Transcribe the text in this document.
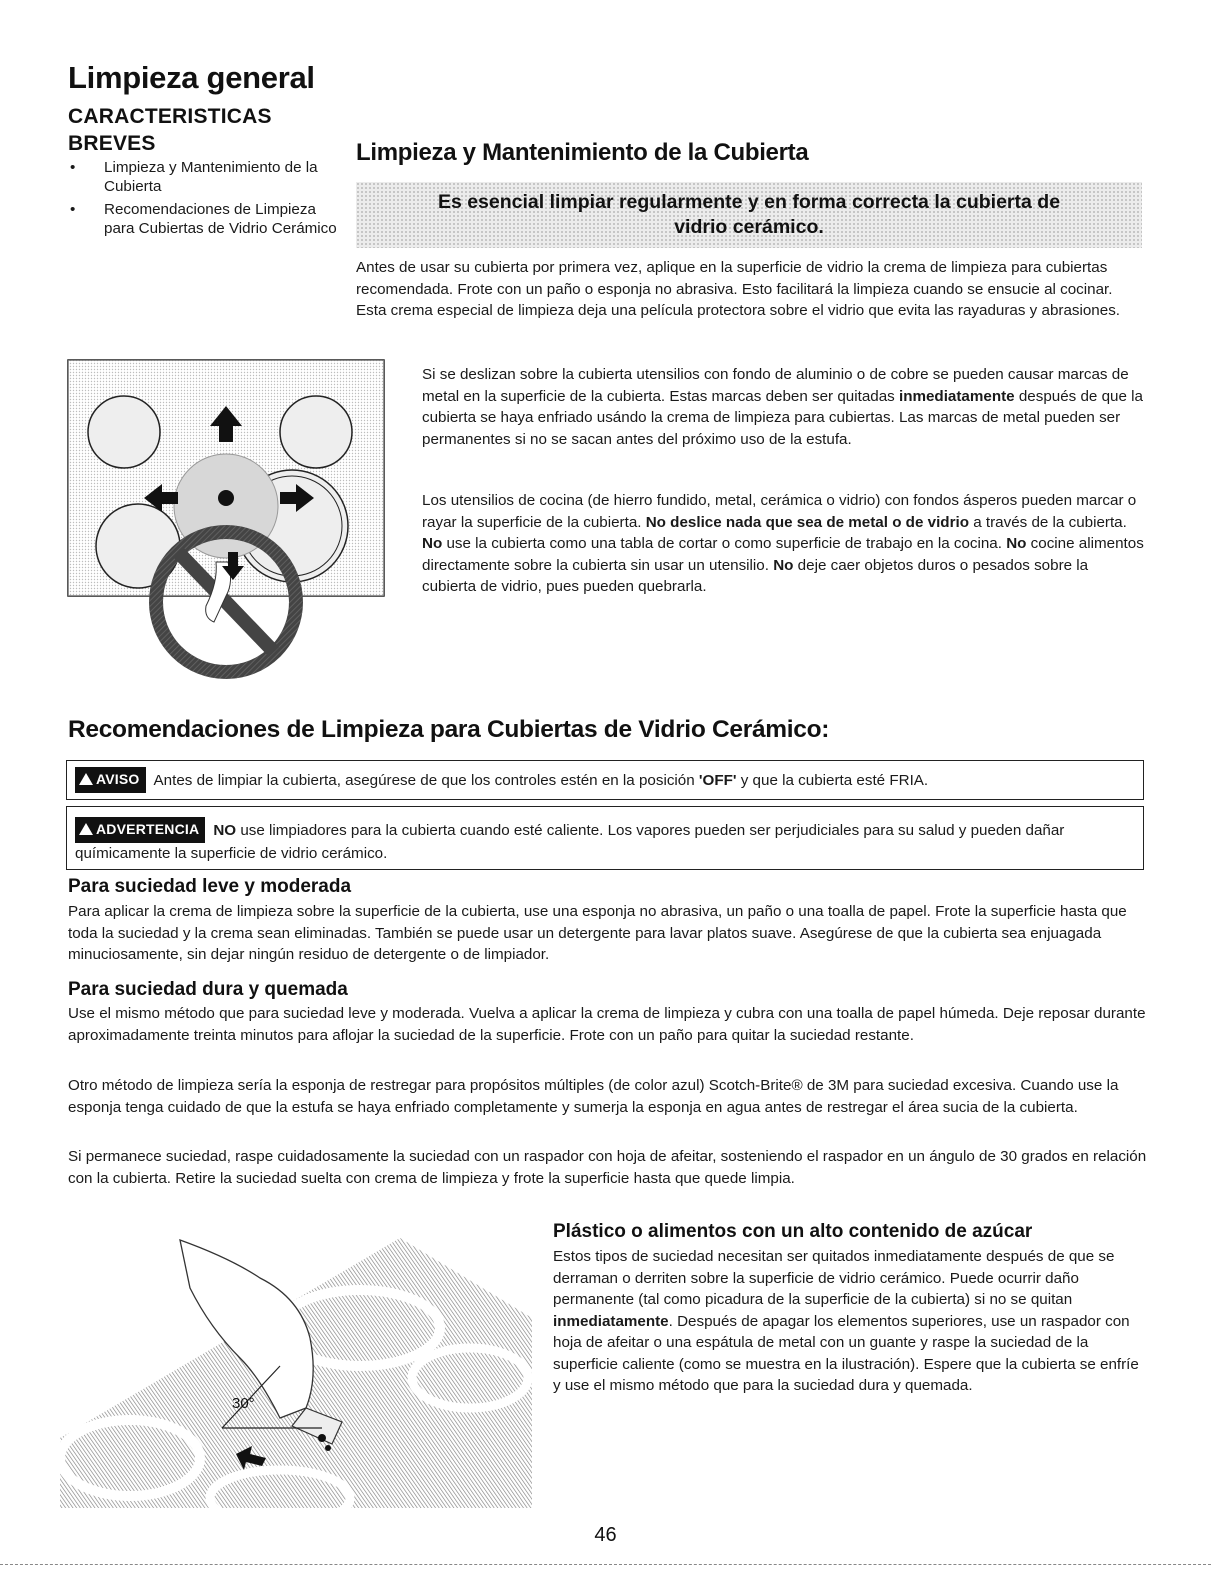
Limpieza general
CARACTERISTICAS
BREVES
• Limpieza y Mantenimiento de la Cubierta
• Recomendaciones de Limpieza para Cubiertas de Vidrio Cerámico
Limpieza y Mantenimiento de la Cubierta
Es esencial limpiar regularmente y en forma correcta la cubierta de
vidrio cerámico.
Antes de usar su cubierta por primera vez, aplique en la superficie de vidrio la crema de limpieza para cubiertas recomendada. Frote con un paño o esponja no abrasiva. Esto facilitará la limpieza cuando se ensucie al cocinar. Esta crema especial de limpieza deja una película protectora sobre el vidrio que evita las rayaduras y abrasiones.
Si se deslizan sobre la cubierta utensilios con fondo de aluminio o de cobre se pueden causar marcas de metal en la superficie de la cubierta. Estas marcas deben ser quitadas inmediatamente después de que la cubierta se haya enfriado usándo la crema de limpieza para cubiertas. Las marcas de metal pueden ser permanentes si no se sacan antes del próximo uso de la estufa.
Los utensilios de cocina (de hierro fundido, metal, cerámica o vidrio) con fondos ásperos pueden marcar o rayar la superficie de la cubierta. No deslice nada que sea de metal o de vidrio a través de la cubierta. No use la cubierta como una tabla de cortar o como superficie de trabajo en la cocina. No cocine alimentos directamente sobre la cubierta sin usar un utensilio. No deje caer objetos duros o pesados sobre la cubierta de vidrio, pues pueden quebrarla.
Recomendaciones de Limpieza para Cubiertas de Vidrio Cerámico:
AVISO Antes de limpiar la cubierta, asegúrese de que los controles estén en la posición 'OFF' y que la cubierta esté FRIA.
ADVERTENCIA NO use limpiadores para la cubierta cuando esté caliente. Los vapores pueden ser perjudiciales para su salud y pueden dañar químicamente la superficie de vidrio cerámico.
Para suciedad leve y moderada
Para aplicar la crema de limpieza sobre la superficie de la cubierta, use una esponja no abrasiva, un paño o una toalla de papel. Frote la superficie hasta que toda la suciedad y la crema sean eliminadas. También se puede usar un detergente para lavar platos suave. Asegúrese de que la cubierta sea enjuagada minuciosamente, sin dejar ningún residuo de detergente o de limpiador.
Para suciedad dura y quemada
Use el mismo método que para suciedad leve y moderada. Vuelva a aplicar la crema de limpieza y cubra con una toalla de papel húmeda. Deje reposar durante aproximadamente treinta minutos para aflojar la suciedad de la superficie. Frote con un paño para quitar la suciedad restante.
Otro método de limpieza sería la esponja de restregar para propósitos múltiples (de color azul) Scotch-Brite® de 3M para suciedad excesiva. Cuando use la esponja tenga cuidado de que la estufa se haya enfriado completamente y sumerja la esponja en agua antes de restregar el área sucia de la cubierta.
Si permanece suciedad, raspe cuidadosamente la suciedad con un raspador con hoja de afeitar, sosteniendo el raspador en un ángulo de 30 grados en relación con la cubierta. Retire la suciedad suelta con crema de limpieza y frote la superficie hasta que quede limpia.
30°
Plástico o alimentos con un alto contenido de azúcar
Estos tipos de suciedad necesitan ser quitados inmediatamente después de que se derraman o derriten sobre la superficie de vidrio cerámico. Puede ocurrir daño permanente (tal como picadura de la superficie de la cubierta) si no se quitan inmediatamente. Después de apagar los elementos superiores, use un raspador con hoja de afeitar o una espátula de metal con un guante y raspe la suciedad de la superficie caliente (como se muestra en la ilustración). Espere que la cubierta se enfríe y use el mismo método que para la suciedad dura y quemada.
46
